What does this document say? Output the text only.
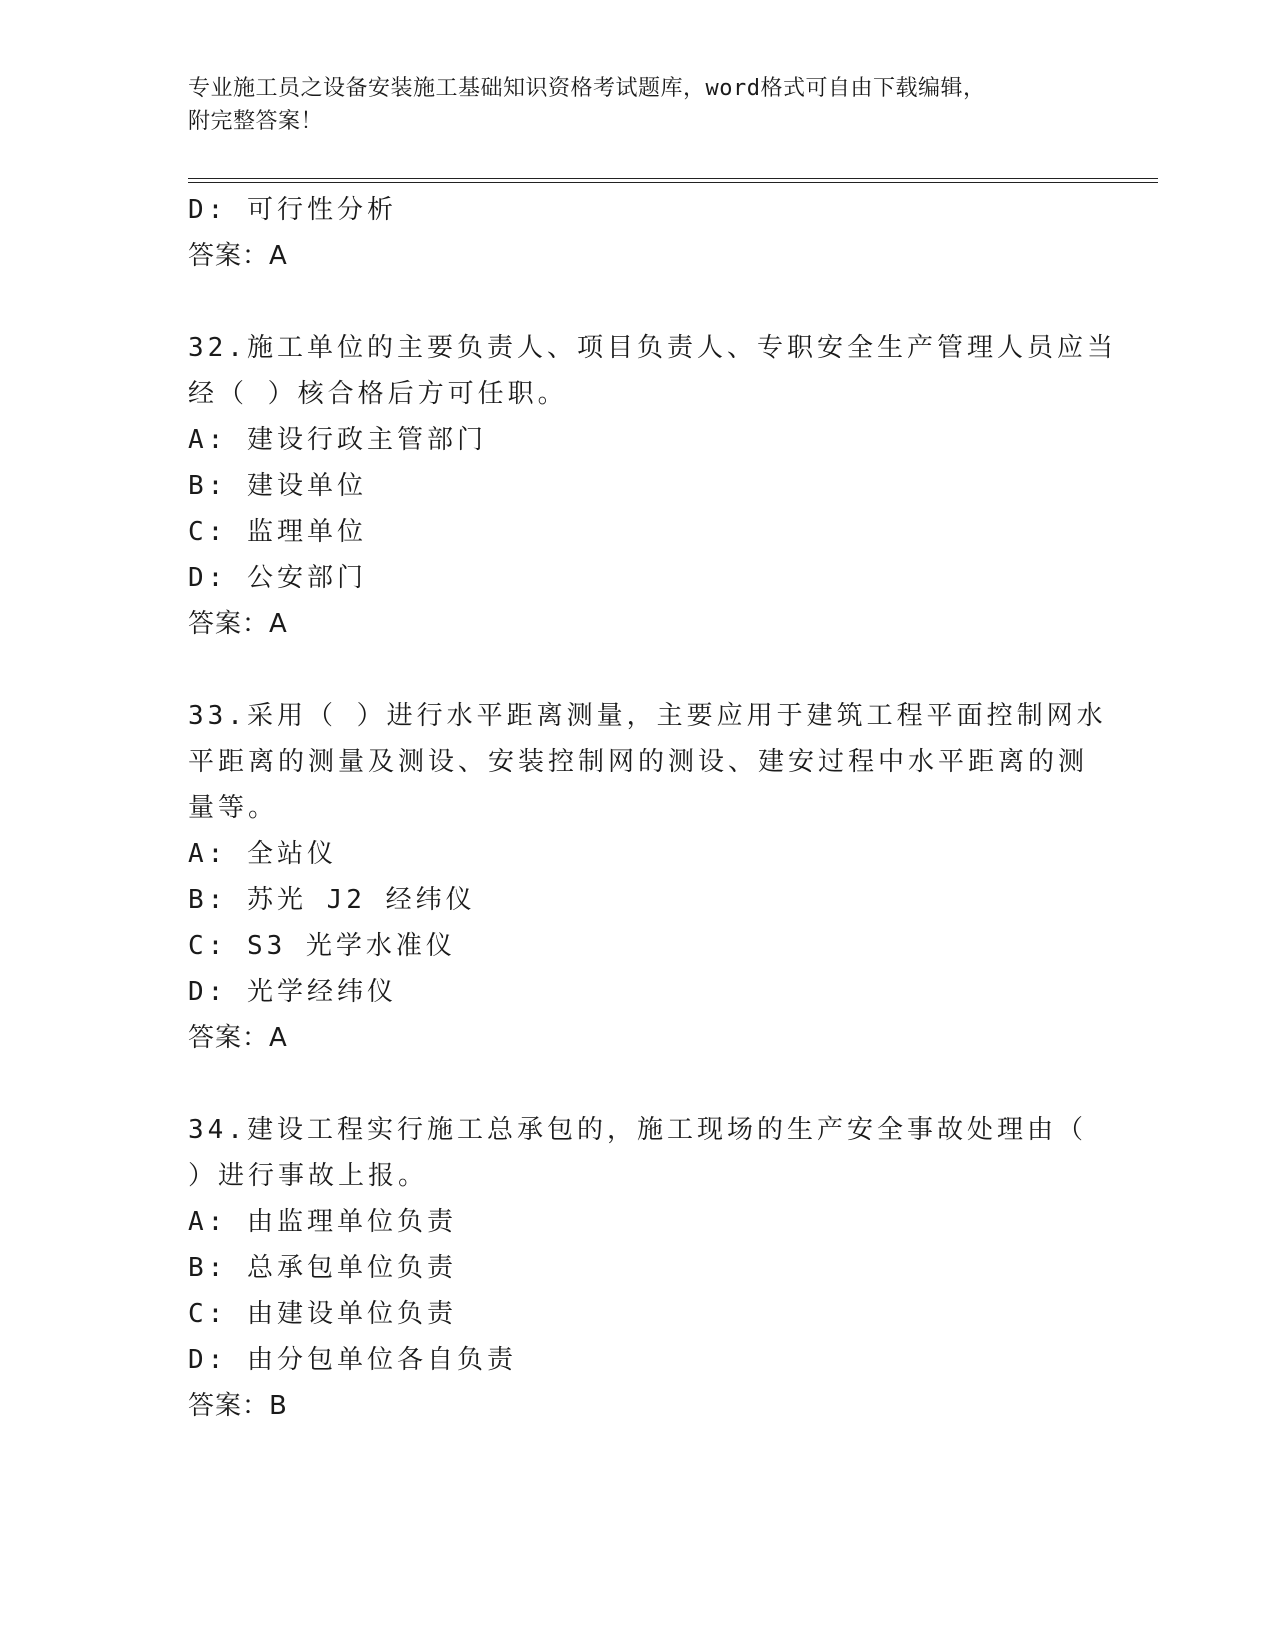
专业施工员之设备安装施工基础知识资格考试题库，word格式可自由下载编辑，
附完整答案！
D: 可行性分析
答案：A
32.施工单位的主要负责人、项目负责人、专职安全生产管理人员应当
经（ ）核合格后方可任职。
A: 建设行政主管部门
B: 建设单位
C: 监理单位
D: 公安部门
答案：A
33.采用（ ）进行水平距离测量，主要应用于建筑工程平面控制网水
平距离的测量及测设、安装控制网的测设、建安过程中水平距离的测
量等。
A: 全站仪
B: 苏光 J2 经纬仪
C: S3 光学水准仪
D: 光学经纬仪
答案：A
34.建设工程实行施工总承包的，施工现场的生产安全事故处理由（
）进行事故上报。
A: 由监理单位负责
B: 总承包单位负责
C: 由建设单位负责
D: 由分包单位各自负责
答案：B
